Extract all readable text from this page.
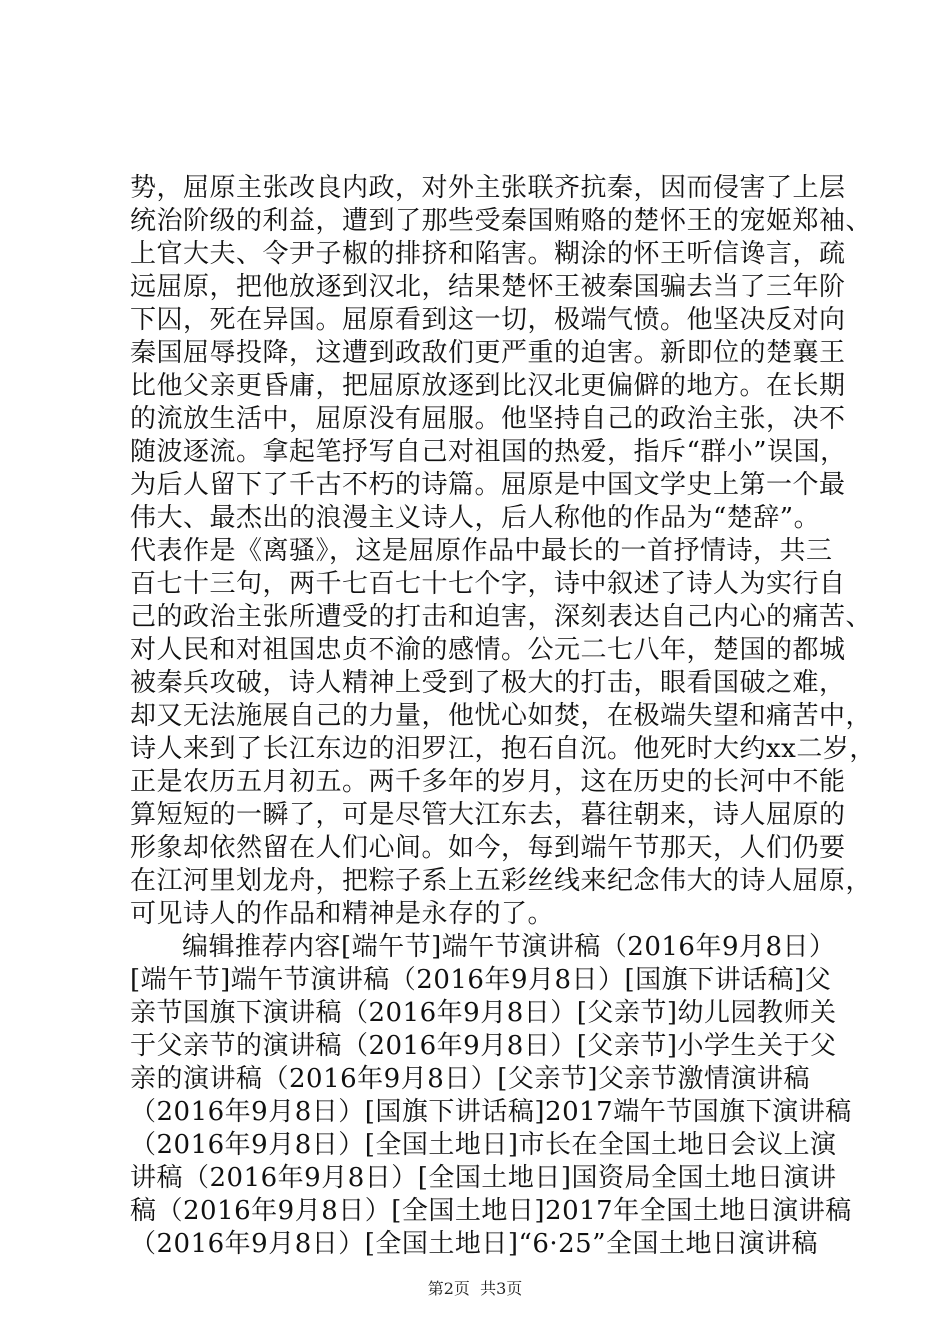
势，屈原主张改良内政，对外主张联齐抗秦，因而侵害了上层
统治阶级的利益，遭到了那些受秦国贿赂的楚怀王的宠姬郑袖、
上官大夫、令尹子椒的排挤和陷害。糊涂的怀王听信谗言，疏
远屈原，把他放逐到汉北，结果楚怀王被秦国骗去当了三年阶
下囚，死在异国。屈原看到这一切，极端气愤。他坚决反对向
秦国屈辱投降，这遭到政敌们更严重的迫害。新即位的楚襄王
比他父亲更昏庸，把屈原放逐到比汉北更偏僻的地方。在长期
的流放生活中，屈原没有屈服。他坚持自己的政治主张，决不
随波逐流。拿起笔抒写自己对祖国的热爱，指斥“群小”误国，
为后人留下了千古不朽的诗篇。屈原是中国文学史上第一个最
伟大、最杰出的浪漫主义诗人，后人称他的作品为“楚辞”。
代表作是《离骚》，这是屈原作品中最长的一首抒情诗，共三
百七十三句，两千七百七十七个字，诗中叙述了诗人为实行自
己的政治主张所遭受的打击和迫害，深刻表达自己内心的痛苦、
对人民和对祖国忠贞不渝的感情。公元二七八年，楚国的都城
被秦兵攻破，诗人精神上受到了极大的打击，眼看国破之难，
却又无法施展自己的力量，他忧心如焚，在极端失望和痛苦中，
诗人来到了长江东边的汨罗江，抱石自沉。他死时大约xx二岁，
正是农历五月初五。两千多年的岁月，这在历史的长河中不能
算短短的一瞬了，可是尽管大江东去，暮往朝来，诗人屈原的
形象却依然留在人们心间。如今，每到端午节那天，人们仍要
在江河里划龙舟，把粽子系上五彩丝线来纪念伟大的诗人屈原，
可见诗人的作品和精神是永存的了。
编辑推荐内容[端午节]端午节演讲稿（2016年9月8日）
[端午节]端午节演讲稿（2016年9月8日）[国旗下讲话稿]父
亲节国旗下演讲稿（2016年9月8日）[父亲节]幼儿园教师关
于父亲节的演讲稿（2016年9月8日）[父亲节]小学生关于父
亲的演讲稿（2016年9月8日）[父亲节]父亲节激情演讲稿
（2016年9月8日）[国旗下讲话稿]2017端午节国旗下演讲稿
（2016年9月8日）[全国土地日]市长在全国土地日会议上演
讲稿（2016年9月8日）[全国土地日]国资局全国土地日演讲
稿（2016年9月8日）[全国土地日]2017年全国土地日演讲稿
（2016年9月8日）[全国土地日]“6·25”全国土地日演讲稿
第2页  共3页
